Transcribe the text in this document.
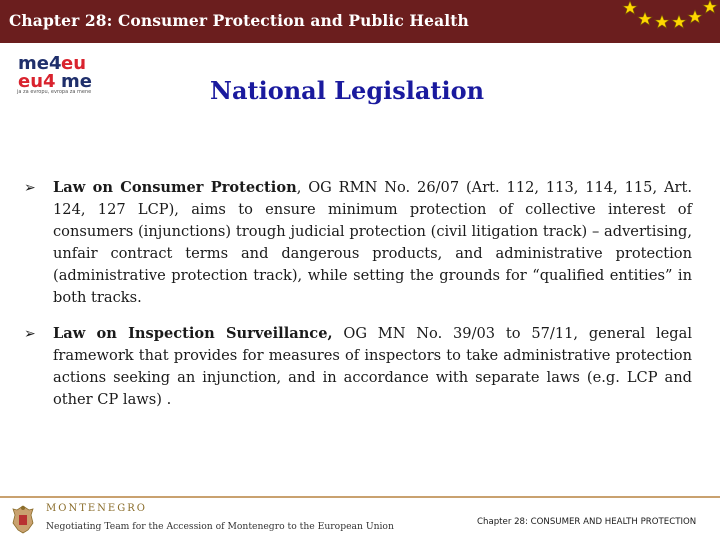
Chapter 28: Consumer Protection and Public Health
me4 eu
eu4 me
ja za evropu, evropa za mene	National Legislation
➢	Law on Consumer Protection, OG RMN No. 26/07 (Art. 112, 113, 114, 115, Art. 124, 127 LCP), aims to ensure minimum protection of collective interest of consumers (injunctions) trough judicial protection (civil litigation track) – advertising, unfair contract terms and dangerous products, and administrative protection (administrative protection track), while setting the grounds for “qualified entities” in both tracks.
➢	Law on Inspection Surveillance, OG MN No. 39/03 to 57/11, general legal framework that provides for measures of inspectors to take administrative protection actions seeking an injunction, and in accordance with separate laws (e.g. LCP and other CP laws) .
MONTENEGRO
Negotiating Team for the Accession of Montenegro to the European Union	Chapter 28: CONSUMER AND HEALTH PROTECTION
